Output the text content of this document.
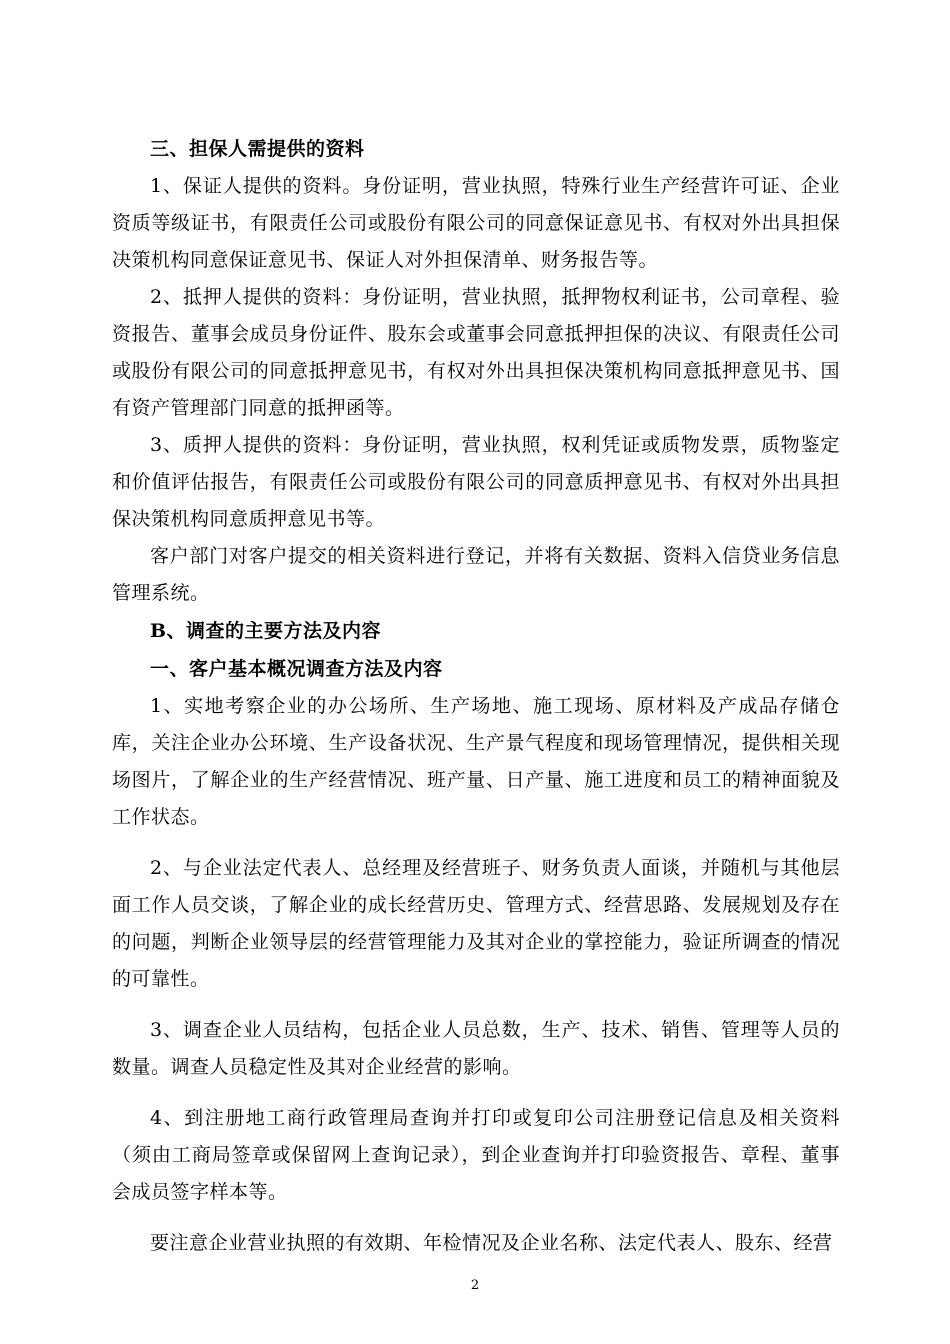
三、担保人需提供的资料

1、保证人提供的资料。身份证明，营业执照，特殊行业生产经营许可证、企业资质等级证书，有限责任公司或股份有限公司的同意保证意见书、有权对外出具担保决策机构同意保证意见书、保证人对外担保清单、财务报告等。

2、抵押人提供的资料：身份证明，营业执照，抵押物权利证书，公司章程、验资报告、董事会成员身份证件、股东会或董事会同意抵押担保的决议、有限责任公司或股份有限公司的同意抵押意见书，有权对外出具担保决策机构同意抵押意见书、国有资产管理部门同意的抵押函等。

3、质押人提供的资料：身份证明，营业执照，权利凭证或质物发票，质物鉴定和价值评估报告，有限责任公司或股份有限公司的同意质押意见书、有权对外出具担保决策机构同意质押意见书等。

客户部门对客户提交的相关资料进行登记，并将有关数据、资料入信贷业务信息管理系统。

B、调查的主要方法及内容

一、客户基本概况调查方法及内容

1、实地考察企业的办公场所、生产场地、施工现场、原材料及产成品存储仓库，关注企业办公环境、生产设备状况、生产景气程度和现场管理情况，提供相关现场图片，了解企业的生产经营情况、班产量、日产量、施工进度和员工的精神面貌及工作状态。

2、与企业法定代表人、总经理及经营班子、财务负责人面谈，并随机与其他层面工作人员交谈，了解企业的成长经营历史、管理方式、经营思路、发展规划及存在的问题，判断企业领导层的经营管理能力及其对企业的掌控能力，验证所调查的情况的可靠性。

3、调查企业人员结构，包括企业人员总数，生产、技术、销售、管理等人员的数量。调查人员稳定性及其对企业经营的影响。

4、到注册地工商行政管理局查询并打印或复印公司注册登记信息及相关资料（须由工商局签章或保留网上查询记录），到企业查询并打印验资报告、章程、董事会成员签字样本等。

要注意企业营业执照的有效期、年检情况及企业名称、法定代表人、股东、经营

2
